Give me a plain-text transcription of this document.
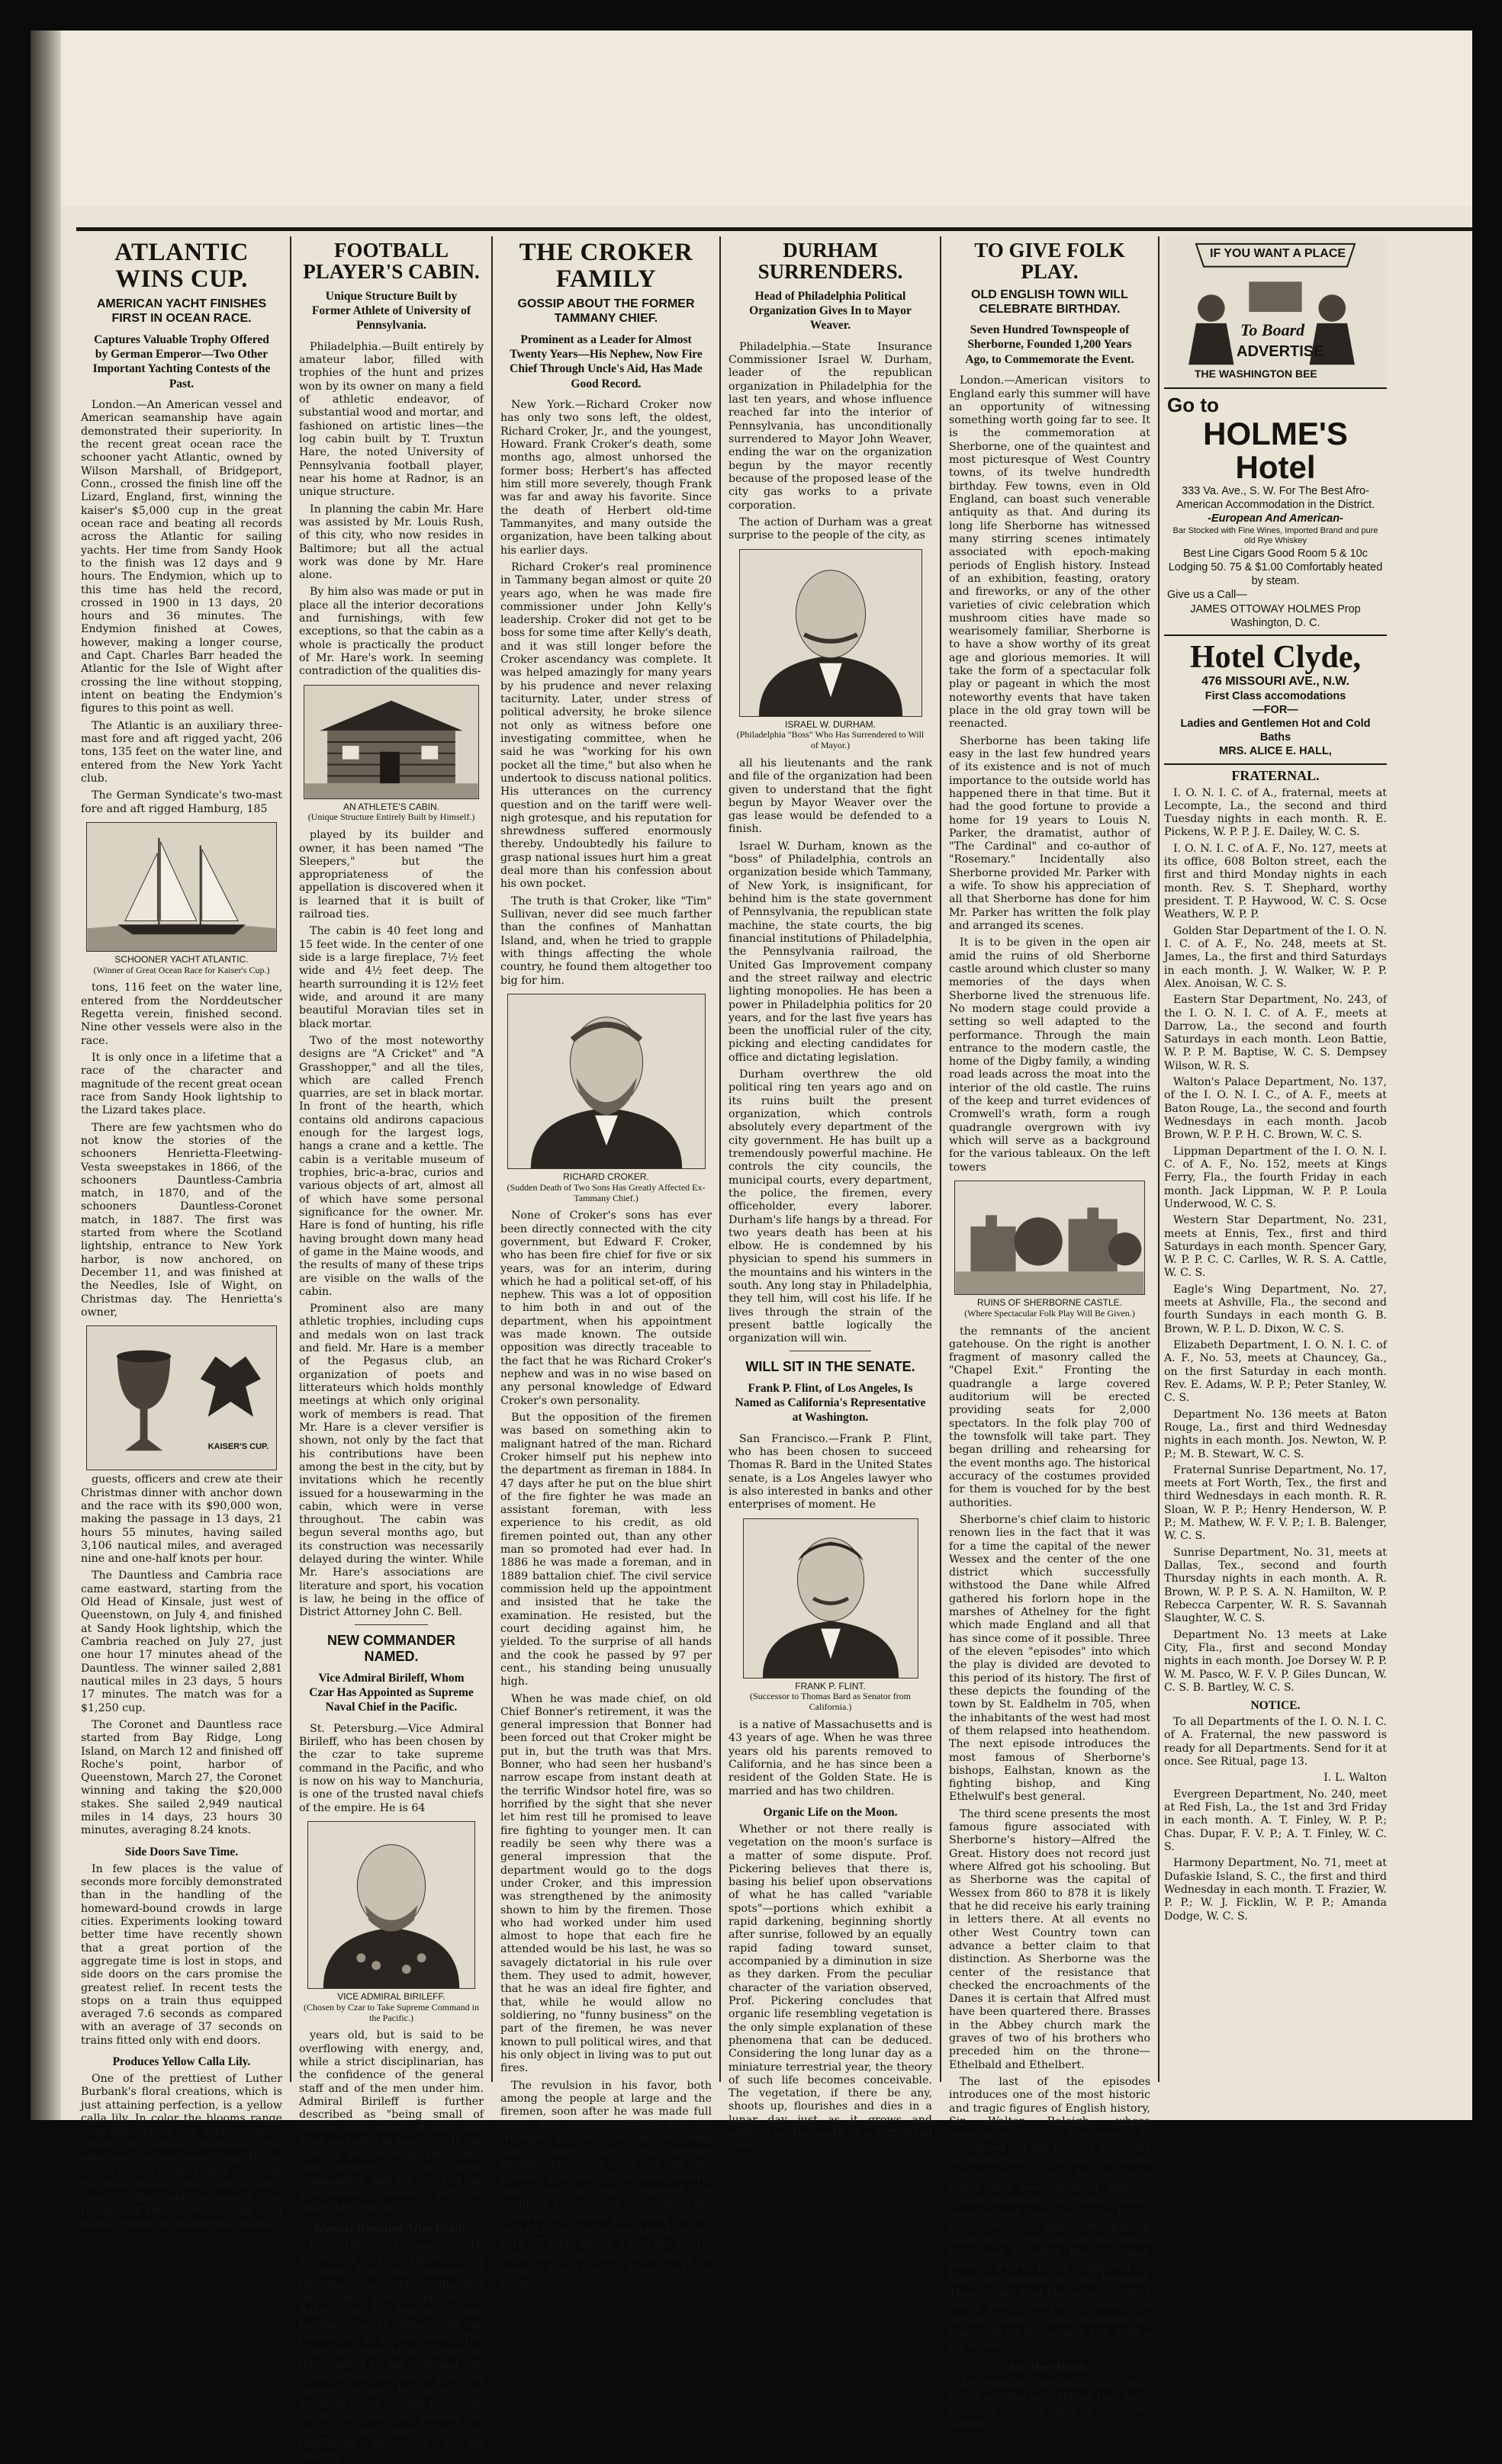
ATLANTIC WINS CUP.
AMERICAN YACHT FINISHES FIRST IN OCEAN RACE.
Captures Valuable Trophy Offered by German Emperor—Two Other Important Yachting Contests of the Past.

London.—An American vessel and American seamanship have again demonstrated their superiority. In the recent great ocean race the schooner yacht Atlantic, owned by Wilson Marshall, of Bridgeport, Conn., crossed the finish line off the Lizard, England, first, winning the kaiser's $5,000 cup in the great ocean race and beating all records across the Atlantic for sailing yachts. Her time from Sandy Hook to the finish was 12 days and 9 hours. The Endymion, which up to this time has held the record, crossed in 1900 in 13 days, 20 hours and 36 minutes. The Endymion finished at Cowes, however, making a longer course, and Capt. Charles Barr headed the Atlantic for the Isle of Wight after crossing the line without stopping, intent on beating the Endymion's figures to this point as well.

The Atlantic is an auxiliary three-mast fore and aft rigged yacht, 206 tons, 135 feet on the water line, and entered from the New York Yacht club.

The German Syndicate's two-mast fore and aft rigged Hamburg, 185

SCHOONER YACHT ATLANTIC.
(Winner of Great Ocean Race for Kaiser's Cup.)

tons, 116 feet on the water line, entered from the Norddeutscher Regetta verein, finished second. Nine other vessels were also in the race.

It is only once in a lifetime that a race of the character and magnitude of the recent great ocean race from Sandy Hook lightship to the Lizard takes place.

There are few yachtsmen who do not know the stories of the schooners Henrietta-Fleetwing-Vesta sweepstakes in 1866, of the schooners Dauntless-Cambria match, in 1870, and of the schooners Dauntless-Coronet match, in 1887. The first was started from where the Scotland lightship, entrance to New York harbor, is now anchored, on December 11, and was finished at the Needles, Isle of Wight, on Christmas day. The Henrietta's owner,

KAISER'S CUP.

guests, officers and crew ate their Christmas dinner with anchor down and the race with its $90,000 won, making the passage in 13 days, 21 hours 55 minutes, having sailed 3,106 nautical miles, and averaged nine and one-half knots per hour.

The Dauntless and Cambria race came eastward, starting from the Old Head of Kinsale, just west of Queenstown, on July 4, and finished at Sandy Hook lightship, which the Cambria reached on July 27, just one hour 17 minutes ahead of the Dauntless. The winner sailed 2,881 nautical miles in 23 days, 5 hours 17 minutes. The match was for a $1,250 cup.

The Coronet and Dauntless race started from Bay Ridge, Long Island, on March 12 and finished off Roche's point, harbor of Queenstown, March 27, the Coronet winning and taking the $20,000 stakes. She sailed 2,949 nautical miles in 14 days, 23 hours 30 minutes, averaging 8.24 knots.

Side Doors Save Time.

In few places is the value of seconds more forcibly demonstrated than in the handling of the homeward-bound crowds in large cities. Experiments looking toward better time have recently shown that a great portion of the aggregate time is lost in stops, and side doors on the cars promise the greatest relief. In recent tests the stops on a train thus equipped averaged 7.6 seconds as compared with an average of 37 seconds on trains fitted only with end doors.

Produces Yellow Calla Lily.

One of the prettiest of Luther Burbank's floral creations, which is just attaining perfection, is a yellow calla lily. In color the blooms range from light lemon to a deeper orange shade of yellow. Burbank first obtained the specimen from Africa, which have a slight yellow coloring. He then crossed them with a hardy dwarf calla and increased the richness of the yellow coloring until he has produced wonderful results.

FOOTBALL PLAYER'S CABIN.
Unique Structure Built by Former Athlete of University of Pennsylvania.

Philadelphia.—Built entirely by amateur labor, filled with trophies of the hunt and prizes won by its owner on many a field of athletic endeavor, of substantial wood and mortar, and fashioned on artistic lines—the log cabin built by T. Truxtun Hare, the noted University of Pennsylvania football player, near his home at Radnor, is an unique structure.

In planning the cabin Mr. Hare was assisted by Mr. Louis Rush, of this city, who now resides in Baltimore; but all the actual work was done by Mr. Hare alone.

By him also was made or put in place all the interior decorations and furnishings, with few exceptions, so that the cabin as a whole is practically the product of Mr. Hare's work. In seeming contradiction of the qualities dis-

AN ATHLETE'S CABIN.
(Unique Structure Entirely Built by Himself.)

played by its builder and owner, it has been named "The Sleepers," but the appropriateness of the appellation is discovered when it is learned that it is built of railroad ties.

The cabin is 40 feet long and 15 feet wide. In the center of one side is a large fireplace, 7½ feet wide and 4½ feet deep. The hearth surrounding it is 12½ feet wide, and around it are many beautiful Moravian tiles set in black mortar.

Two of the most noteworthy designs are "A Cricket" and "A Grasshopper," and all the tiles, which are called French quarries, are set in black mortar. In front of the hearth, which contains old andirons capacious enough for the largest logs, hangs a crane and a kettle. The cabin is a veritable museum of trophies, bric-a-brac, curios and various objects of art, almost all of which have some personal significance for the owner. Mr. Hare is fond of hunting, his rifle having brought down many head of game in the Maine woods, and the results of many of these trips are visible on the walls of the cabin.

Prominent also are many athletic trophies, including cups and medals won on last track and field. Mr. Hare is a member of the Pegasus club, an organization of poets and litterateurs which holds monthly meetings at which only original work of members is read. That Mr. Hare is a clever versifier is shown, not only by the fact that his contributions have been among the best in the city, but by invitations which he recently issued for a housewarming in the cabin, which were in verse throughout. The cabin was begun several months ago, but its construction was necessarily delayed during the winter. While Mr. Hare's associations are literature and sport, his vocation is law, he being in the office of District Attorney John C. Bell.

NEW COMMANDER NAMED.
Vice Admiral Birileff, Whom Czar Has Appointed as Supreme Naval Chief in the Pacific.

St. Petersburg.—Vice Admiral Birileff, who has been chosen by the czar to take supreme command in the Pacific, and who is now on his way to Manchuria, is one of the trusted naval chiefs of the empire. He is 64

VICE ADMIRAL BIRILEFF.
(Chosen by Czar to Take Supreme Command in the Pacific.)

years old, but is said to be overflowing with energy, and, while a strict disciplinarian, has the confidence of the general staff and of the men under him. Admiral Birileff is further described as "being small of stature and scant of hair, but keen and alert in bearing." In the east he will have all the rights and powers of an army commander, and the chief of the Vladivostok garrison will be under his control.

Identity Revealed After Death.

In 1902 Alexander H. Morehead was county treasurer at Globe, Ariz., and a member of the legislature. He embezzled the county funds and fled to Baker City, O., leaving a wife behind him. In Baker City he passed as A. H. Alexander. The other day, when he was dying, he telegraphed to his wife and she came. When she had to give her maiden name to mark her husband's last resting place she could not see the reason for writing one name on the tombstone and told of his identity.

THE CROKER FAMILY
GOSSIP ABOUT THE FORMER TAMMANY CHIEF.
Prominent as a Leader for Almost Twenty Years—His Nephew, Now Fire Chief Through Uncle's Aid, Has Made Good Record.

New York.—Richard Croker now has only two sons left, the oldest, Richard Croker, Jr., and the youngest, Howard. Frank Croker's death, some months ago, almost unhorsed the former boss; Herbert's has affected him still more severely, though Frank was far and away his favorite. Since the death of Herbert old-time Tammanyites, and many outside the organization, have been talking about his earlier days.

Richard Croker's real prominence in Tammany began almost or quite 20 years ago, when he was made fire commissioner under John Kelly's leadership. Croker did not get to be boss for some time after Kelly's death, and it was still longer before the Croker ascendancy was complete. It was helped amazingly for many years by his prudence and never relaxing taciturnity. Later, under stress of political adversity, he broke silence not only as witness before one investigating committee, when he said he was "working for his own pocket all the time," but also when he undertook to discuss national politics. His utterances on the currency question and on the tariff were well-nigh grotesque, and his reputation for shrewdness suffered enormously thereby. Undoubtedly his failure to grasp national issues hurt him a great deal more than his confession about his own pocket.

The truth is that Croker, like "Tim" Sullivan, never did see much farther than the confines of Manhattan Island, and, when he tried to grapple with things affecting the whole country, he found them altogether too big for him.

RICHARD CROKER.
(Sudden Death of Two Sons Has Greatly Affected Ex-Tammany Chief.)

None of Croker's sons has ever been directly connected with the city government, but Edward F. Croker, who has been fire chief for five or six years, was for an interim, during which he had a political set-off, of his nephew. This was a lot of opposition to him both in and out of the department, when his appointment was made known. The outside opposition was directly traceable to the fact that he was Richard Croker's nephew and was in no wise based on any personal knowledge of Edward Croker's own personality.

But the opposition of the firemen was based on something akin to malignant hatred of the man. Richard Croker himself put his nephew into the department as fireman in 1884. In 47 days after he put on the blue shirt of the fire fighter he was made an assistant foreman, with less experience to his credit, as old firemen pointed out, than any other man so promoted had ever had. In 1886 he was made a foreman, and in 1889 battalion chief. The civil service commission held up the appointment and insisted that he take the examination. He resisted, but the court deciding against him, he yielded. To the surprise of all hands and the cook he passed by 97 per cent., his standing being unusually high.

When he was made chief, on old Chief Bonner's retirement, it was the general impression that Bonner had been forced out that Croker might be put in, but the truth was that Mrs. Bonner, who had seen her husband's narrow escape from instant death at the terrific Windsor hotel fire, was so horrified by the sight that she never let him rest till he promised to leave fire fighting to younger men. It can readily be seen why there was a general impression that the department would go to the dogs under Croker, and this impression was strengthened by the animosity shown to him by the firemen. Those who had worked under him used almost to hope that each fire he attended would be his last, he was so savagely dictatorial in his rule over them. They used to admit, however, that he was an ideal fire fighter, and that, while he would allow no soldiering, no "funny business" on the part of the firemen, he was never known to pull political wires, and that his only object in living was to put out fires.

The revulsion in his favor, both among the people at large and the firemen, soon after he was made full chief, was as complete as was his triumph at his excellent standing after taking the civil service examination. Fires were put out with greater efficiency than ever before, and when he was removed for "political reasons," as he claimed, the underwriters made a vigorous protest in which the forces combined, joined with all their might. Later the courts reinstated him, and he is likely to remain fire chief in New York for some time.

DURHAM SURRENDERS.
Head of Philadelphia Political Organization Gives In to Mayor Weaver.

Philadelphia.—State Insurance Commissioner Israel W. Durham, leader of the republican organization in Philadelphia for the last ten years, and whose influence reached far into the interior of Pennsylvania, has unconditionally surrendered to Mayor John Weaver, ending the war on the organization begun by the mayor recently because of the proposed lease of the city gas works to a private corporation.

The action of Durham was a great surprise to the people of the city, as

ISRAEL W. DURHAM.
(Philadelphia "Boss" Who Has Surrendered to Will of Mayor.)

all his lieutenants and the rank and file of the organization had been given to understand that the fight begun by Mayor Weaver over the gas lease would be defended to a finish.

Israel W. Durham, known as the "boss" of Philadelphia, controls an organization beside which Tammany, of New York, is insignificant, for behind him is the state government of Pennsylvania, the republican state machine, the state courts, the big financial institutions of Philadelphia, the Pennsylvania railroad, the United Gas Improvement company and the street railway and electric lighting monopolies. He has been a power in Philadelphia politics for 20 years, and for the last five years has been the unofficial ruler of the city, picking and electing candidates for office and dictating legislation.

Durham overthrew the old political ring ten years ago and on its ruins built the present organization, which controls absolutely every department of the city government. He has built up a tremendously powerful machine. He controls the city councils, the municipal courts, every department, the police, the firemen, every officeholder, every laborer. Durham's life hangs by a thread. For two years death has been at his elbow. He is condemned by his physician to spend his summers in the mountains and his winters in the south. Any long stay in Philadelphia, they tell him, will cost his life. If he lives through the strain of the present battle logically the organization will win.

WILL SIT IN THE SENATE.
Frank P. Flint, of Los Angeles, Is Named as California's Representative at Washington.

San Francisco.—Frank P. Flint, who has been chosen to succeed Thomas R. Bard in the United States senate, is a Los Angeles lawyer who is also interested in banks and other enterprises of moment. He

FRANK P. FLINT.
(Successor to Thomas Bard as Senator from California.)

is a native of Massachusetts and is 43 years of age. When he was three years old his parents removed to California, and he has since been a resident of the Golden State. He is married and has two children.

Organic Life on the Moon.

Whether or not there really is vegetation on the moon's surface is a matter of some dispute. Prof. Pickering believes that there is, basing his belief upon observations of what he has called "variable spots"—portions which exhibit a rapid darkening, beginning shortly after sunrise, followed by an equally rapid fading toward sunset, accompanied by a diminution in size as they darken. From the peculiar character of the variation observed, Prof. Pickering concludes that organic life resembling vegetation is the only simple explanation of these phenomena that can be deduced. Considering the long lunar day as a miniature terrestrial year, the theory of such life becomes conceivable. The vegetation, if there be any, shoots up, flourishes and dies in a lunar day just as it grows and withers on the earth in a terrestrial year.

TO GIVE FOLK PLAY.
OLD ENGLISH TOWN WILL CELEBRATE BIRTHDAY.
Seven Hundred Townspeople of Sherborne, Founded 1,200 Years Ago, to Commemorate the Event.

London.—American visitors to England early this summer will have an opportunity of witnessing something worth going far to see. It is the commemoration at Sherborne, one of the quaintest and most picturesque of West Country towns, of its twelve hundredth birthday. Few towns, even in Old England, can boast such venerable antiquity as that. And during its long life Sherborne has witnessed many stirring scenes intimately associated with epoch-making periods of English history. Instead of an exhibition, feasting, oratory and fireworks, or any of the other varieties of civic celebration which mushroom cities have made so wearisomely familiar, Sherborne is to have a show worthy of its great age and glorious memories. It will take the form of a spectacular folk play or pageant in which the most noteworthy events that have taken place in the old gray town will be reenacted.

Sherborne has been taking life easy in the last few hundred years of its existence and is not of much importance to the outside world has happened there in that time. But it had the good fortune to provide a home for 19 years to Louis N. Parker, the dramatist, author of "The Cardinal" and co-author of "Rosemary." Incidentally also Sherborne provided Mr. Parker with a wife. To show his appreciation of all that Sherborne has done for him Mr. Parker has written the folk play and arranged its scenes.

It is to be given in the open air amid the ruins of old Sherborne castle around which cluster so many memories of the days when Sherborne lived the strenuous life. No modern stage could provide a setting so well adapted to the performance. Through the main entrance to the modern castle, the home of the Digby family, a winding road leads across the moat into the interior of the old castle. The ruins of the keep and turret evidences of Cromwell's wrath, form a rough quadrangle overgrown with ivy which will serve as a background for the various tableaux. On the left towers

RUINS OF SHERBORNE CASTLE.
(Where Spectacular Folk Play Will Be Given.)

the remnants of the ancient gatehouse. On the right is another fragment of masonry called the "Chapel Exit." Fronting the quadrangle a large covered auditorium will be erected providing seats for 2,000 spectators. In the folk play 700 of the townsfolk will take part. They began drilling and rehearsing for the event months ago. The historical accuracy of the costumes provided for them is vouched for by the best authorities.

Sherborne's chief claim to historic renown lies in the fact that it was for a time the capital of the newer Wessex and the center of the one district which successfully withstood the Dane while Alfred gathered his forlorn hope in the marshes of Athelney for the fight which made England and all that has since come of it possible. Three of the eleven "episodes" into which the play is divided are devoted to this period of its history. The first of these depicts the founding of the town by St. Ealdhelm in 705, when the inhabitants of the west had most of them relapsed into heathendom. The next episode introduces the most famous of Sherborne's bishops, Ealhstan, known as the fighting bishop, and King Ethelwulf's best general.

The third scene presents the most famous figure associated with Sherborne's history—Alfred the Great. History does not record just where Alfred got his schooling. But as Sherborne was the capital of Wessex from 860 to 878 it is likely that he did receive his early training in letters there. At all events no other West Country town can advance a better claim to that distinction. As Sherborne was the center of the resistance that checked the encroachments of the Danes it is certain that Alfred must have been quartered there. Brasses in the Abbey church mark the graves of two of his brothers who preceded him on the throne—Ethelbald and Ethelbert.

The last of the episodes introduces one of the most historic and tragic figures of English history, Sir Walter Raleigh, whose association with Sherborne is accounted not the least of its claims to distinction. It depicts his home coming with his wife to the castle which had been granted him by Queen Elizabeth. Sir Walter makes some jocund speeches to his bride, the townsfolk, and then puffing away at his pipe, and we are shown the scene in which the "Virginian weed," which he is supposed to have first introduced into England. Then occurs that humorous incident which every smoker is familiar. A servant comes in and imagining his master is on fire souses him with a jug of ale.

Yet They Drink.

An English physician says that fishes are the only things that have life that do not have a taste for alcohol.

IF YOU WANT A PLACE
To Board
ADVERTISE
THE WASHINGTON BEE
Go to
HOLME'S Hotel
333 Va. Ave., S. W. For The Best Afro-American Accommodation in the District.
-European And American-
Bar Stocked with Fine Wines, Imported Brand and pure old Rye Whiskey
Best Line Cigars Good Room 5 & 10c
Lodging 50. 75 & $1.00 Comfortably heated by steam.
Give us a Call—
JAMES OTTOWAY HOLMES Prop
Washington, D. C.
Hotel Clyde,
476 MISSOURI AVE., N.W.
First Class accomodations
—FOR—
Ladies and Gentlemen Hot and Cold Baths
MRS. ALICE E. HALL,
FRATERNAL.

I. O. N. I. C. of A., fraternal, meets at Lecompte, La., the second and third Tuesday nights in each month. R. E. Pickens, W. P. P. J. E. Dailey, W. C. S.

I. O. N. I. C. of A. F., No. 127, meets at its office, 608 Bolton street, each the first and third Monday nights in each month. Rev. S. T. Shephard, worthy president. T. P. Haywood, W. C. S. Ocse Weathers, W. P. P.

Golden Star Department of the I. O. N. I. C. of A. F., No. 248, meets at St. James, La., the first and third Saturdays in each month. J. W. Walker, W. P. P. Alex. Anoisan, W. C. S.

Eastern Star Department, No. 243, of the I. O. N. I. C. of A. F., meets at Darrow, La., the second and fourth Saturdays in each month. Leon Battie, W. P. P. M. Baptise, W. C. S. Dempsey Wilson, W. R. S.

Walton's Palace Department, No. 137, of the I. O. N. I. C., of A. F., meets at Baton Rouge, La., the second and fourth Wednesdays in each month. Jacob Brown, W. P. P. H. C. Brown, W. C. S.

Lippman Department of the I. O. N. I. C. of A. F., No. 152, meets at Kings Ferry, Fla., the fourth Friday in each month. Jack Lippman, W. P. P. Loula Underwood, W. C. S.

Western Star Department, No. 231, meets at Ennis, Tex., first and third Saturdays in each month. Spencer Gary, W. P. P. C. C. Carlles, W. R. S. A. Cattle, W. C. S.

Eagle's Wing Department, No. 27, meets at Ashville, Fla., the second and fourth Sundays in each month G. B. Brown, W. P. L. D. Dixon, W. C. S.

Elizabeth Department, I. O. N. I. C. of A. F., No. 53, meets at Chauncey, Ga., on the first Saturday in each month. Rev. E. Adams, W. P. P.; Peter Stanley, W. C. S.

Department No. 136 meets at Baton Rouge, La., first and third Wednesday nights in each month. Jos. Newton, W. P. P.; M. B. Stewart, W. C. S.

Fraternal Sunrise Department, No. 17, meets at Fort Worth, Tex., the first and third Wednesdays in each month. R. R. Sloan, W. P. P.; Henry Henderson, W. P. P.; M. Mathew, W. F. V. P.; I. B. Balenger, W. C. S.

Sunrise Department, No. 31, meets at Dallas, Tex., second and fourth Thursday nights in each month. A. R. Brown, W. P. P. S. A. N. Hamilton, W. P. Rebecca Carpenter, W. R. S. Savannah Slaughter, W. C. S.

Department No. 13 meets at Lake City, Fla., first and second Monday nights in each month. Joe Dorsey W. P. P. W. M. Pasco, W. F. V. P. Giles Duncan, W. C. S. B. Bartley, W. C. S.

NOTICE.

To all Departments of the I. O. N. I. C. of A. Fraternal, the new password is ready for all Departments. Send for it at once. See Ritual, page 13.

I. L. Walton

Evergreen Department, No. 240, meet at Red Fish, La., the 1st and 3rd Friday in each month. A. T. Finley, W. P. P.; Chas. Dupar, F. V. P.; A. T. Finley, W. C. S.

Harmony Department, No. 71, meet at Dufaskie Island, S. C., the first and third Wednesday in each month. T. Frazier, W. P. P.; W. J. Ficklin, W. P. P.; Amanda Dodge, W. C. S.
